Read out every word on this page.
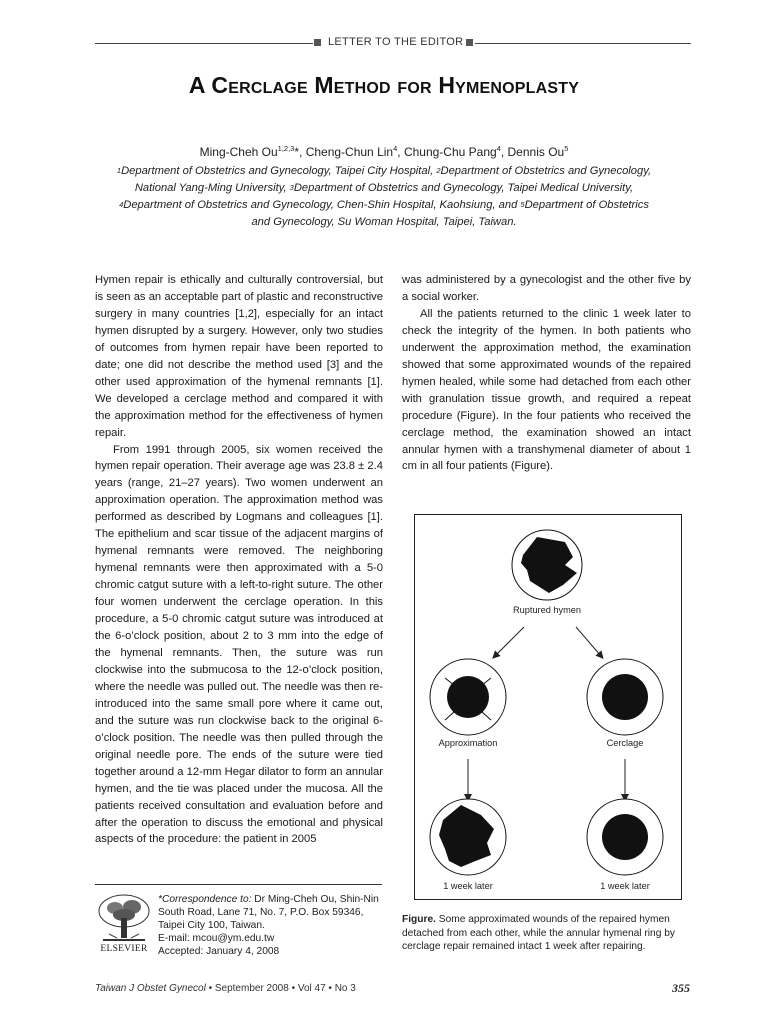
LETTER TO THE EDITOR
A Cerclage Method for Hymenoplasty
Ming-Cheh Ou$^{1,2,3}$*, Cheng-Chun Lin$^4$, Chung-Chu Pang$^4$, Dennis Ou$^5$
$^1$Department of Obstetrics and Gynecology, Taipei City Hospital, $^2$Department of Obstetrics and Gynecology, National Yang-Ming University, $^3$Department of Obstetrics and Gynecology, Taipei Medical University, $^4$Department of Obstetrics and Gynecology, Chen-Shin Hospital, Kaohsiung, and $^5$Department of Obstetrics and Gynecology, Su Woman Hospital, Taipei, Taiwan.

Hymen repair is ethically and culturally controversial, but is seen as an acceptable part of plastic and reconstructive surgery in many countries [1,2], especially for an intact hymen disrupted by a surgery. However, only two studies of outcomes from hymen repair have been reported to date; one did not describe the method used [3] and the other used approximation of the hymenal remnants [1]. We developed a cerclage method and compared it with the approximation method for the effectiveness of hymen repair.

From 1991 through 2005, six women received the hymen repair operation. Their average age was 23.8 ± 2.4 years (range, 21–27 years). Two women underwent an approximation operation. The approximation method was performed as described by Logmans and colleagues [1]. The epithelium and scar tissue of the adjacent margins of hymenal remnants were removed. The neighboring hymenal remnants were then approximated with a 5-0 chromic catgut suture with a left-to-right suture. The other four women underwent the cerclage operation. In this procedure, a 5-0 chromic catgut suture was introduced at the 6-o’clock position, about 2 to 3 mm into the edge of the hymenal remnants. Then, the suture was run clockwise into the submucosa to the 12-o’clock position, where the needle was pulled out. The needle was then re-introduced into the same small pore where it came out, and the suture was run clockwise back to the original 6-o’clock position. The needle was then pulled through the original needle pore. The ends of the suture were tied together around a 12-mm Hegar dilator to form an annular hymen, and the tie was placed under the mucosa. All the patients received consultation and evaluation before and after the operation to discuss the emotional and physical aspects of the procedure: the patient in 2005

was administered by a gynecologist and the other five by a social worker.

All the patients returned to the clinic 1 week later to check the integrity of the hymen. In both patients who underwent the approximation method, the examination showed that some approximated wounds of the repaired hymen healed, while some had detached from each other with granulation tissue growth, and required a repeat procedure (Figure). In the four patients who received the cerclage method, the examination showed an intact annular hymen with a transhymenal diameter of about 1 cm in all four patients (Figure).

Ruptured hymen
Approximation	Cerclage
1 week later	1 week later
Figure. Some approximated wounds of the repaired hymen detached from each other, while the annular hymenal ring by cerclage repair remained intact 1 week after repairing.
ELSEVIER
*Correspondence to: Dr Ming-Cheh Ou, Shin-Nin
South Road, Lane 71, No. 7, P.O. Box 59346,
Taipei City 100, Taiwan.
E-mail: mcou@ym.edu.tw
Accepted: January 4, 2008
Taiwan J Obstet Gynecol • September 2008 • Vol 47 • No 3	355
